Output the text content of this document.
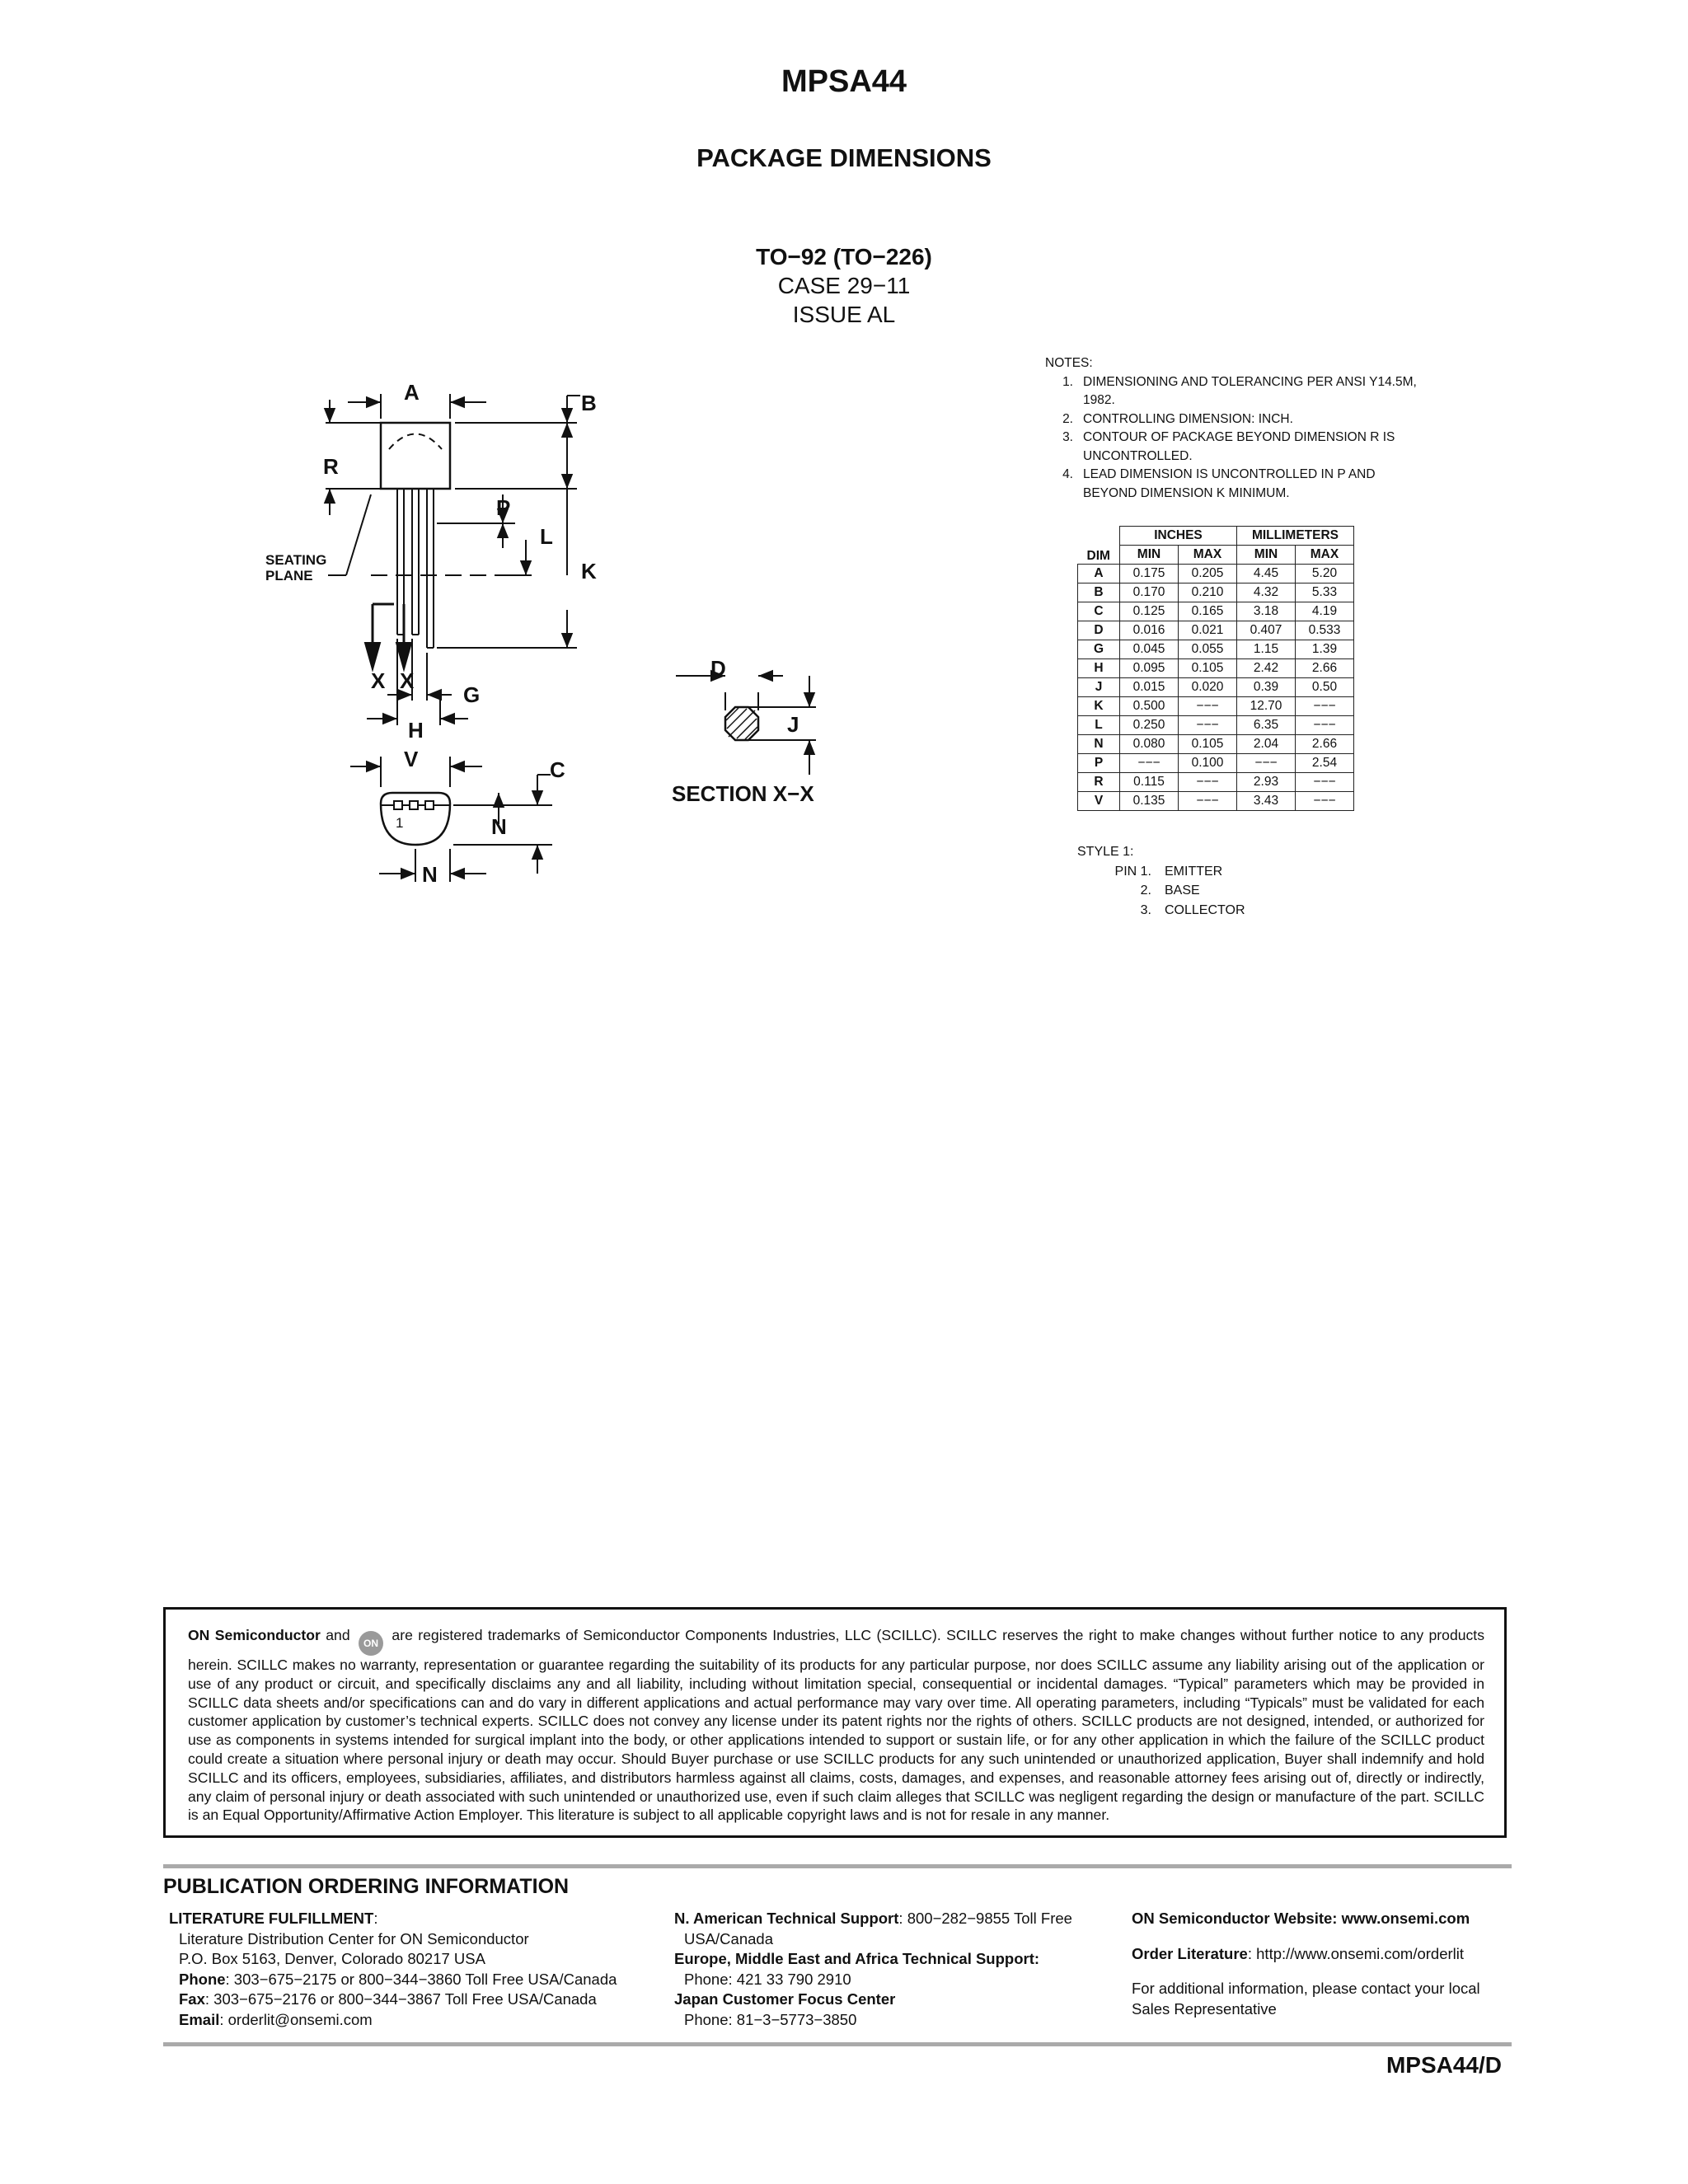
MPSA44
PACKAGE DIMENSIONS
TO−92 (TO−226)
CASE 29−11
ISSUE AL
A	B
R
P
L
K
X X
G
H
V	C
N
N
D
J
SECTION X−X
SEATING
PLANE
1
NOTES:
1. DIMENSIONING AND TOLERANCING PER ANSI Y14.5M, 1982.
2. CONTROLLING DIMENSION: INCH.
3. CONTOUR OF PACKAGE BEYOND DIMENSION R IS UNCONTROLLED.
4. LEAD DIMENSION IS UNCONTROLLED IN P AND BEYOND DIMENSION K MINIMUM.
DIM	INCHES		MILLIMETERS	
	MIN	MAX	MIN	MAX
A	0.175	0.205	4.45	5.20
B	0.170	0.210	4.32	5.33
C	0.125	0.165	3.18	4.19
D	0.016	0.021	0.407	0.533
G	0.045	0.055	1.15	1.39
H	0.095	0.105	2.42	2.66
J	0.015	0.020	0.39	0.50
K	0.500	−−−	12.70	−−−
L	0.250	−−−	6.35	−−−
N	0.080	0.105	2.04	2.66
P	−−−	0.100	−−−	2.54
R	0.115	−−−	2.93	−−−
V	0.135	−−−	3.43	−−−
STYLE 1:
PIN 1.	EMITTER
2.	BASE
3.	COLLECTOR
ON Semiconductor and ON are registered trademarks of Semiconductor Components Industries, LLC (SCILLC). SCILLC reserves the right to make changes without further notice to any products herein. SCILLC makes no warranty, representation or guarantee regarding the suitability of its products for any particular purpose, nor does SCILLC assume any liability arising out of the application or use of any product or circuit, and specifically disclaims any and all liability, including without limitation special, consequential or incidental damages. “Typical” parameters which may be provided in SCILLC data sheets and/or specifications can and do vary in different applications and actual performance may vary over time. All operating parameters, including “Typicals” must be validated for each customer application by customer’s technical experts. SCILLC does not convey any license under its patent rights nor the rights of others. SCILLC products are not designed, intended, or authorized for use as components in systems intended for surgical implant into the body, or other applications intended to support or sustain life, or for any other application in which the failure of the SCILLC product could create a situation where personal injury or death may occur. Should Buyer purchase or use SCILLC products for any such unintended or unauthorized application, Buyer shall indemnify and hold SCILLC and its officers, employees, subsidiaries, affiliates, and distributors harmless against all claims, costs, damages, and expenses, and reasonable attorney fees arising out of, directly or indirectly, any claim of personal injury or death associated with such unintended or unauthorized use, even if such claim alleges that SCILLC was negligent regarding the design or manufacture of the part. SCILLC is an Equal Opportunity/Affirmative Action Employer. This literature is subject to all applicable copyright laws and is not for resale in any manner.
PUBLICATION ORDERING INFORMATION
LITERATURE FULFILLMENT:
Literature Distribution Center for ON Semiconductor
P.O. Box 5163, Denver, Colorado 80217 USA
Phone: 303−675−2175 or 800−344−3860 Toll Free USA/Canada
Fax: 303−675−2176 or 800−344−3867 Toll Free USA/Canada
Email: orderlit@onsemi.com
N. American Technical Support: 800−282−9855 Toll Free
USA/Canada
Europe, Middle East and Africa Technical Support:
Phone: 421 33 790 2910
Japan Customer Focus Center
Phone: 81−3−5773−3850
ON Semiconductor Website: www.onsemi.com
Order Literature: http://www.onsemi.com/orderlit
For additional information, please contact your local Sales Representative
MPSA44/D
